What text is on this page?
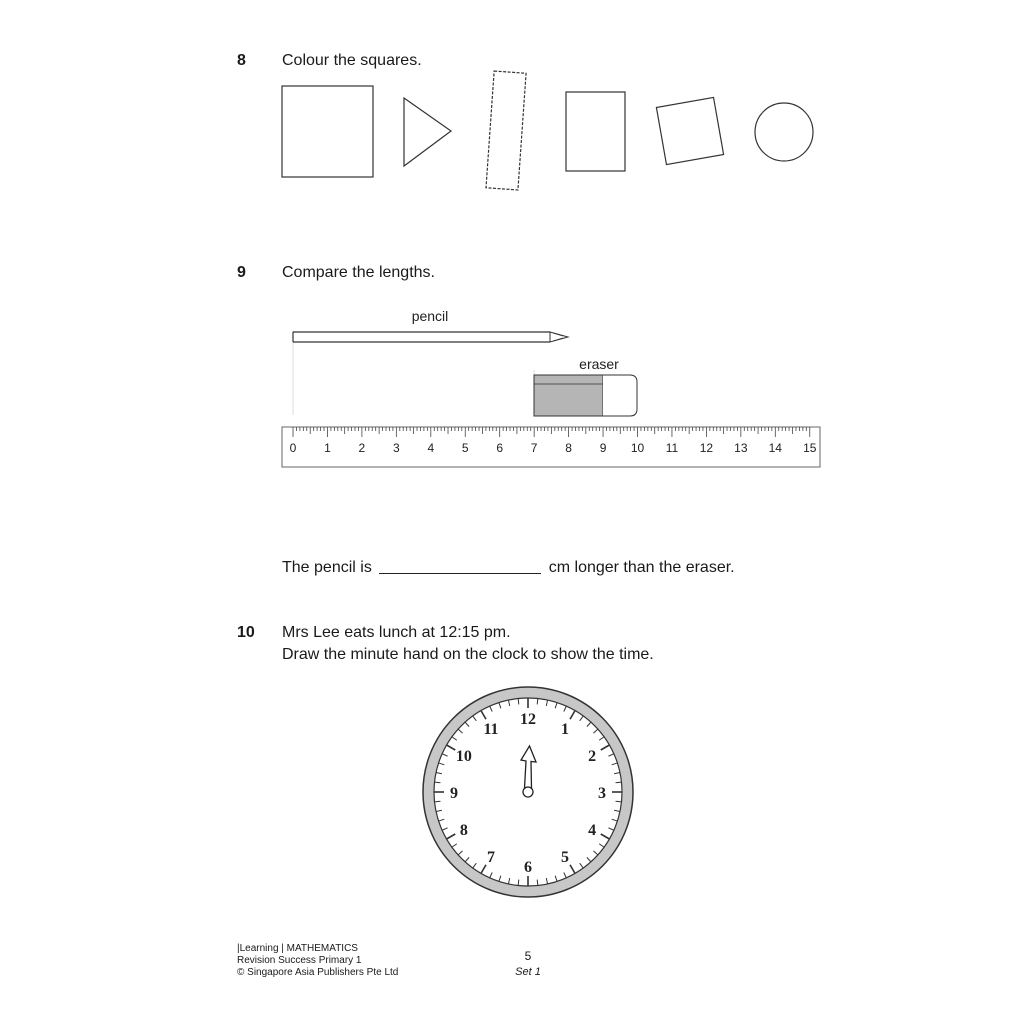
8 Colour the squares.
9 Compare the lengths.
pencil
eraser
0 1 2 3 4 5 6 7 8 9 10 11 12 13 14 15
The pencil is	cm longer than the eraser.
10 Mrs Lee eats lunch at 12:15 pm.
Draw the minute hand on the clock to show the time.
12
1
2
3
4
5
6
7
8
9
10
11
|Learning | MATHEMATICS
Revision Success Primary 1
© Singapore Asia Publishers Pte Ltd
5
Set 1
